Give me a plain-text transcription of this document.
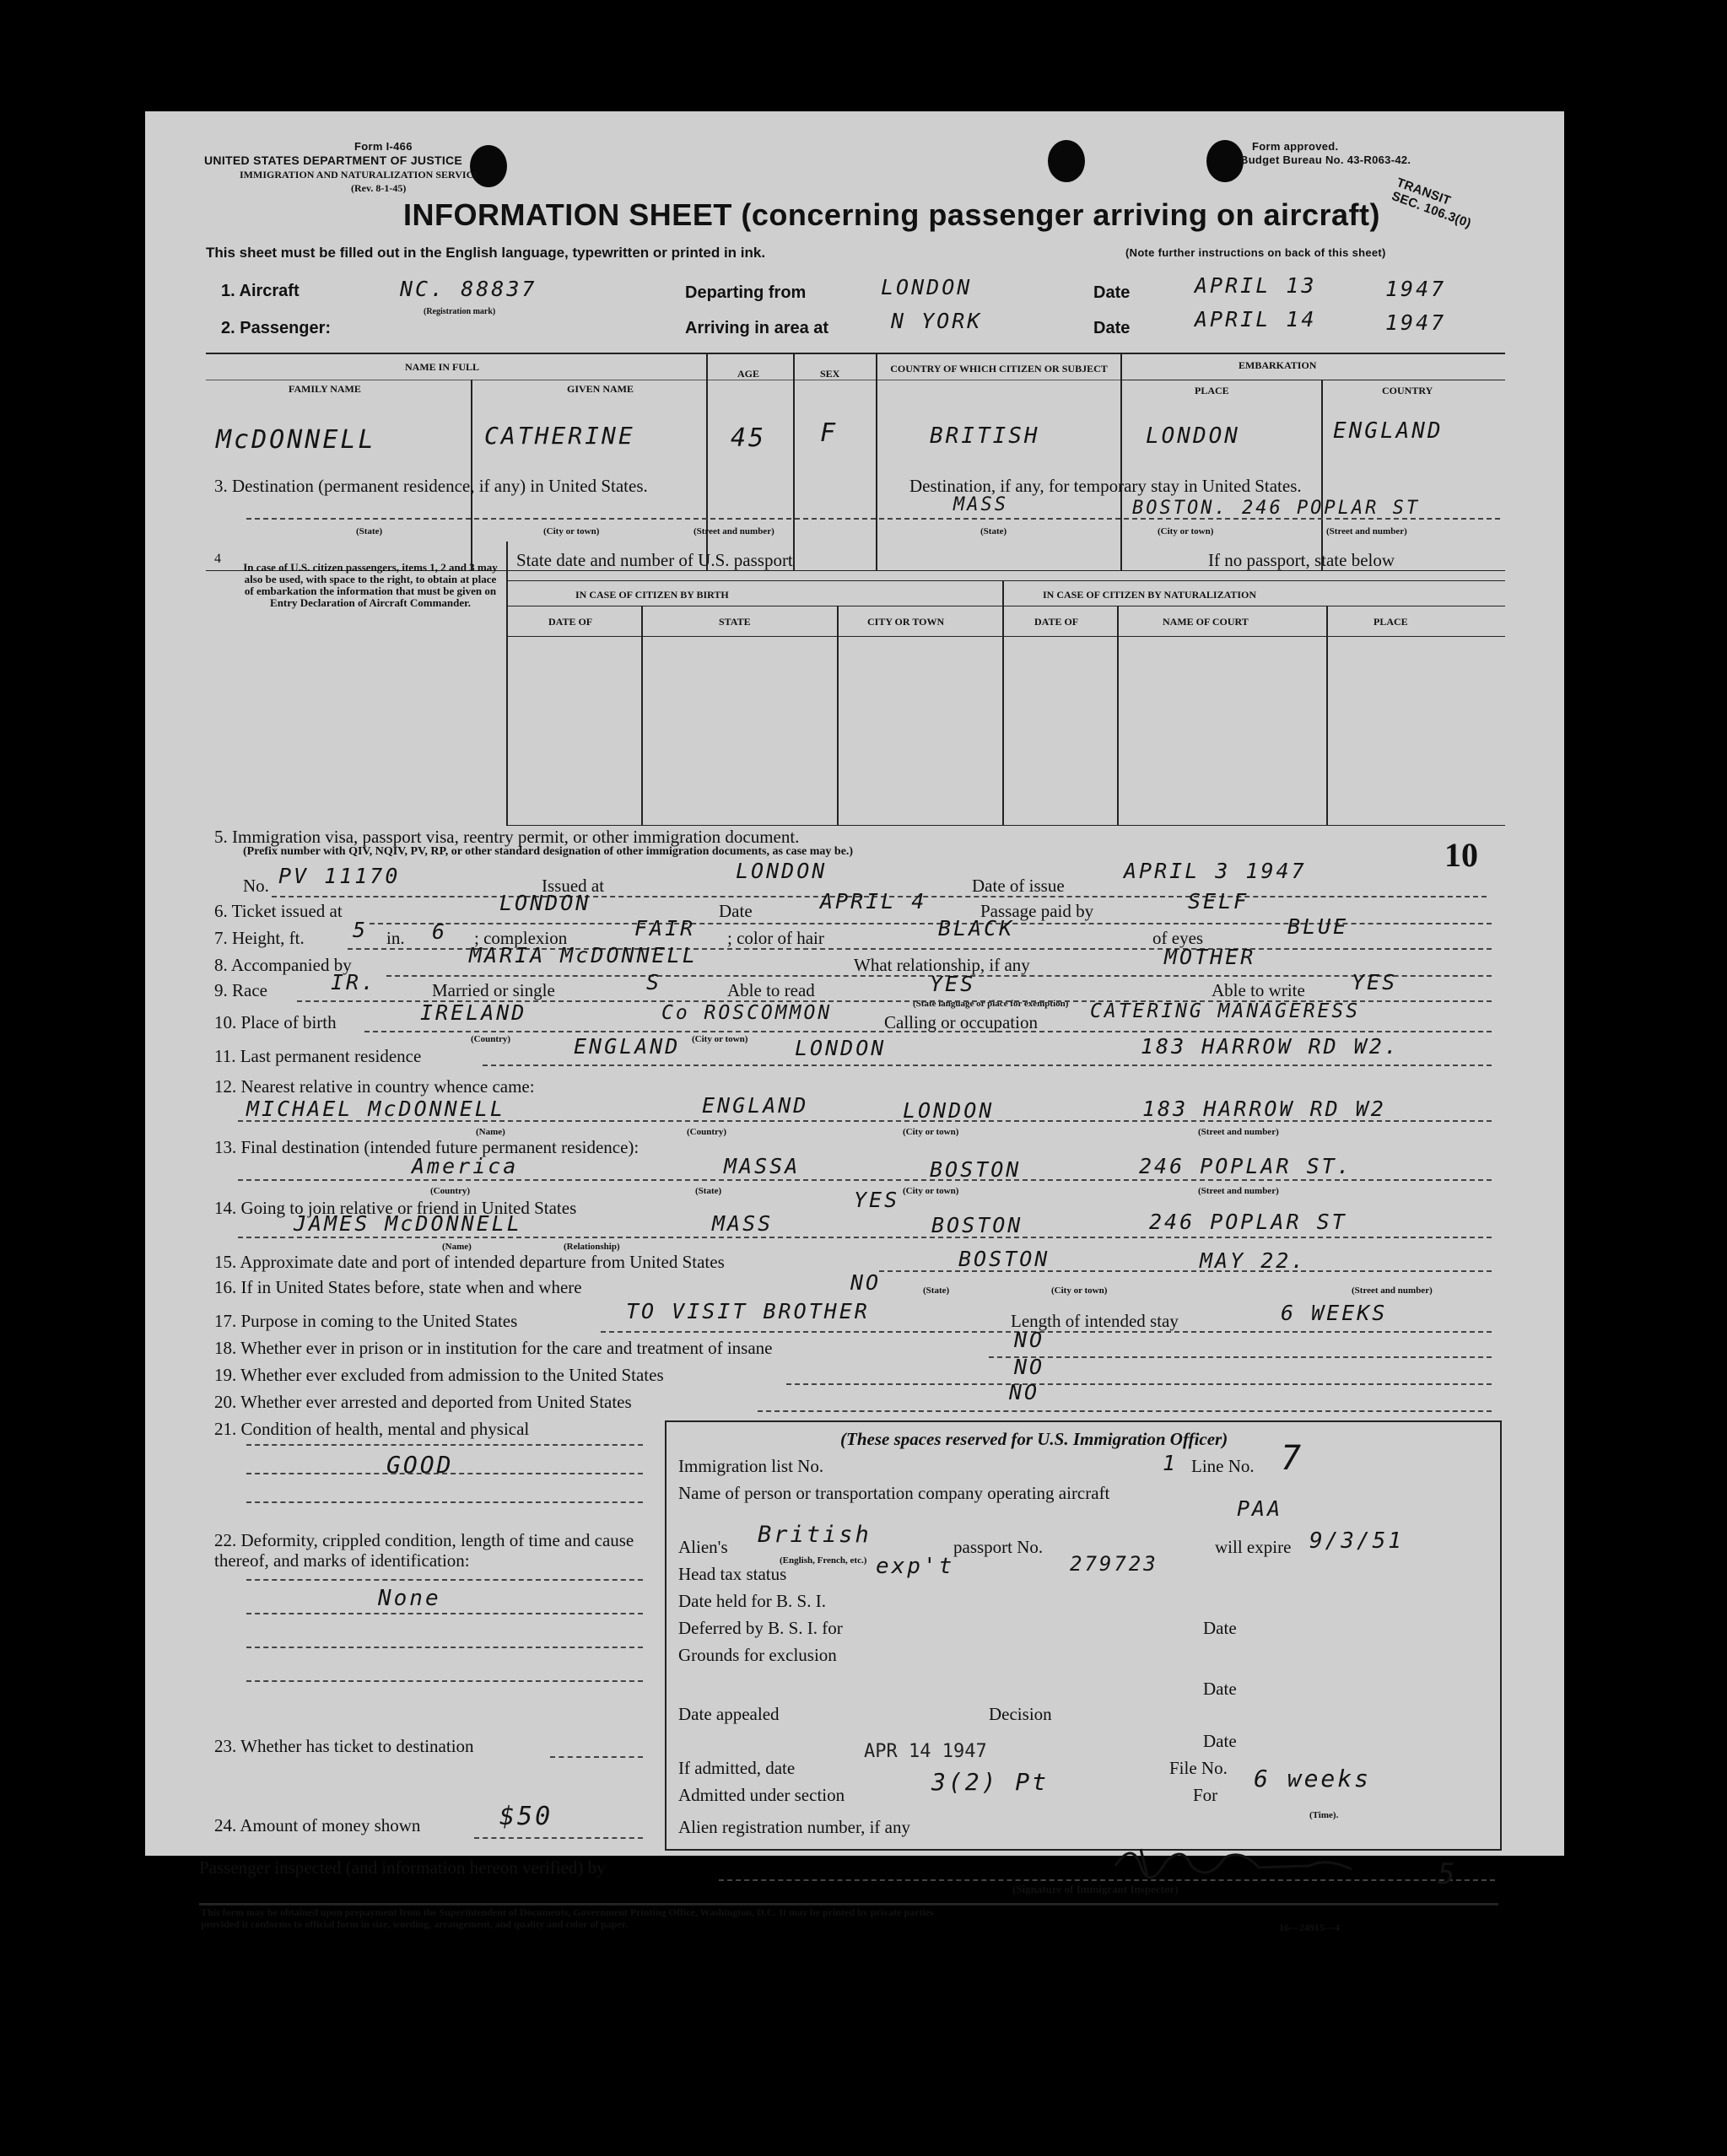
Form I-466
UNITED STATES DEPARTMENT OF JUSTICE
IMMIGRATION AND NATURALIZATION SERVICE
(Rev. 8-1-45)
Form approved.
Budget Bureau No. 43-R063-42.
TRANSIT SEC. 106.3(0)
INFORMATION SHEET (concerning passenger arriving on aircraft)
This sheet must be filled out in the English language, typewritten or printed in ink.	(Note further instructions on back of this sheet)
1. Aircraft	NC. 88837
(Registration mark)
Departing from	LONDON	Date	APRIL 13	1947
2. Passenger:	Arriving in area at	N YORK	Date	APRIL 14	1947
NAME IN FULL
FAMILY NAME	GIVEN NAME
AGE	SEX	COUNTRY OF WHICH CITIZEN OR SUBJECT	EMBARKATION
PLACE	COUNTRY
McDONNELL	CATHERINE	45 F	BRITISH	LONDON	ENGLAND
3. Destination (permanent residence, if any) in United States.	Destination, if any, for temporary stay in United States.
MASS	BOSTON. 246 POPLAR ST
(State)	(City or town)	(Street and number)	(State)	(City or town)	(Street and number)
4
In case of U.S. citizen passengers, items 1, 2 and 3 may also be used, with space to the right, to obtain at place of embarkation the information that must be given on Entry Declaration of Aircraft Commander.
State date and number of U.S. passport	If no passport, state below
IN CASE OF CITIZEN BY BIRTH	IN CASE OF CITIZEN BY NATURALIZATION
DATE OF	STATE	CITY OR TOWN	DATE OF	NAME OF COURT	PLACE
5. Immigration visa, passport visa, reentry permit, or other immigration document.
(Prefix number with QIV, NQIV, PV, RP, or other standard designation of other immigration documents, as case may be.)
No. PV 11170	Issued at
LONDON
Date of issue
APRIL 3 1947	10
6. Ticket issued at	LONDON	Date	APRIL 4	Passage paid by	SELF
7. Height, ft. 5 in. 6 ; complexion	FAIR ; color of hair	BLACK	of eyes	BLUE
8. Accompanied by	MARIA McDONNELL	What relationship, if any	MOTHER
9. Race	IR.	Married or single	S	Able to read	YES
(State language or place for exemption)
Able to write YES
10. Place of birth	IRELAND	Co ROSCOMMON	Calling or occupation	CATERING MANAGERESS
(Country)	(City or town)
11. Last permanent residence	ENGLAND	LONDON	183 HARROW RD W2.
12. Nearest relative in country whence came:
MICHAEL McDONNELL	ENGLAND	LONDON	183 HARROW RD W2
(Name)	(Country)	(City or town)	(Street and number)
13. Final destination (intended future permanent residence):
America	MASSA	BOSTON	246 POPLAR ST.
(Country)	(State)	(City or town)	(Street and number)
14. Going to join relative or friend in United States	YES
JAMES McDONNELL	MASS	BOSTON	246 POPLAR ST
(Name)	(Relationship)
15. Approximate date and port of intended departure from United States	BOSTON	MAY 22.
16. If in United States before, state when and where	NO	(State)	(City or town)	(Street and number)
17. Purpose in coming to the United States	TO VISIT BROTHER	Length of intended stay	6 WEEKS
18. Whether ever in prison or in institution for the care and treatment of insane	NO
19. Whether ever excluded from admission to the United States	NO
20. Whether ever arrested and deported from United States	NO
21. Condition of health, mental and physical
GOOD
22. Deformity, crippled condition, length of time and cause thereof, and marks of identification:
None
23. Whether has ticket to destination
24. Amount of money shown	$50
(These spaces reserved for U.S. Immigration Officer)
Immigration list No.	1 Line No. 7
Name of person or transportation company operating aircraft
PAA
Alien's British
(English, French, etc.)
passport No.
279723
will expire 9/3/51
Head tax status	exp't
Date held for B. S. I.
Deferred by B. S. I. for	Date
Grounds for exclusion
Date
Date appealed	Decision
Date
If admitted, date
APR 14 1947
File No.
Admitted under section	3(2) Pt	For
6 weeks
(Time).
Alien registration number, if any
Passenger inspected (and information hereon verified) by
(Signature of Immigrant Inspector)	5
This form may be obtained upon prepayment from the Superintendent of Documents, Government Printing Office, Washington, D.C. It may be printed by private parties
provided it conforms to official form in size, wording, arrangement, and quality and color of paper.	16—24915—4
